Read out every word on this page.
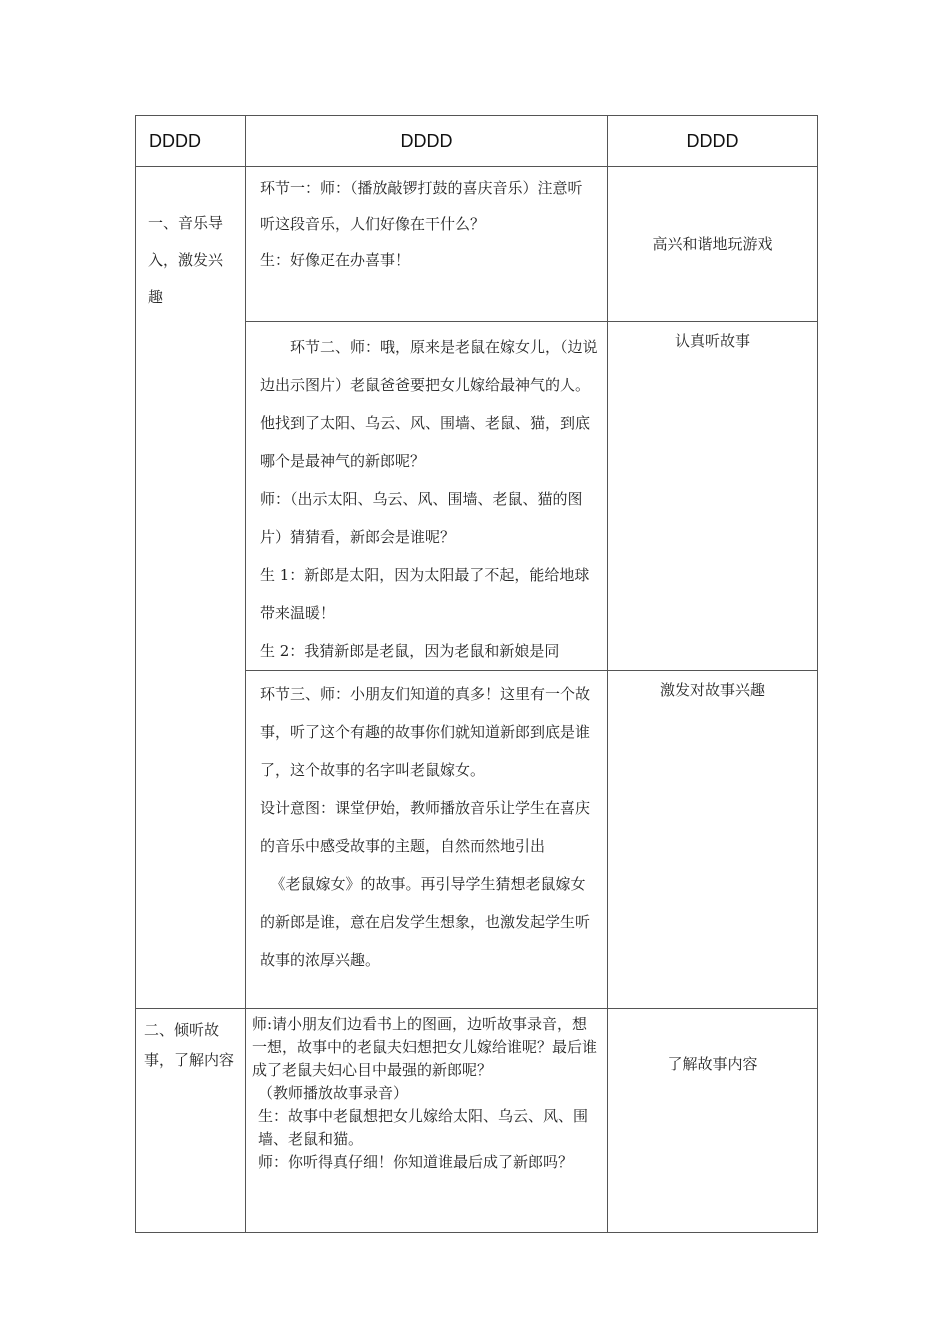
DDDD	DDDD	DDDD
一、音乐导入，激发兴趣	环节一：师：（播放敲锣打鼓的喜庆音乐）注意听

听这段音乐，人们好像在干什么？

生：好像疋在办喜事！	高兴和谐地玩游戏

	环节二、师：哦，原来是老鼠在嫁女儿，（边说边出示图片）老鼠爸爸要把女儿嫁给最神气的人。他找到了太阳、乌云、风、围墙、老鼠、猫，到底哪个是最神气的新郎呢？

师：（出示太阳、乌云、风、围墙、老鼠、猫的图片）猜猜看，新郎会是谁呢？

生 1：新郎是太阳，因为太阳最了不起，能给地球带来温暖！

生 2：我猜新郎是老鼠，因为老鼠和新娘是同	认真听故事

	环节三、师：小朋友们知道的真多！这里有一个故事，听了这个有趣的故事你们就知道新郎到底是谁了，这个故事的名字叫老鼠嫁女。

设计意图：课堂伊始，教师播放音乐让学生在喜庆的音乐中感受故事的主题，自然而然地引出

《老鼠嫁女》的故事。再引导学生猜想老鼠嫁女的新郎是谁，意在启发学生想象，也激发起学生听故事的浓厚兴趣。	激发对故事兴趣
二、倾听故事，了解内容	师:请小朋友们边看书上的图画，边听故事录音，想一想，故事中的老鼠夫妇想把女儿嫁给谁呢？最后谁成了老鼠夫妇心目中最强的新郎呢？

（教师播放故事录音）

生：故事中老鼠想把女儿嫁给太阳、乌云、风、围墙、老鼠和猫。

师：你听得真仔细！你知道谁最后成了新郎吗？	了解故事内容
